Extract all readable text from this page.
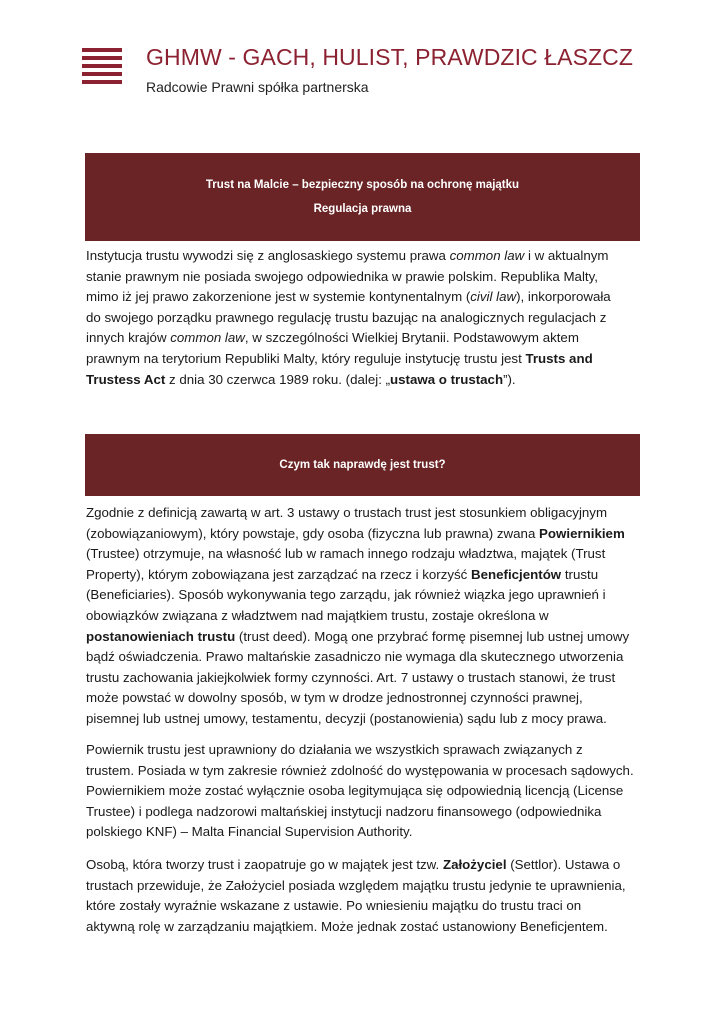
GHMW - GACH, HULIST, PRAWDZIC ŁASZCZ
Radcowie Prawni spółka partnerska
Trust na Malcie – bezpieczny sposób na ochronę majątku
Regulacja prawna
Instytucja trustu wywodzi się z anglosaskiego systemu prawa common law i w aktualnym
stanie prawnym nie posiada swojego odpowiednika w prawie polskim. Republika Malty,
mimo iż jej prawo zakorzenione jest w systemie kontynentalnym (civil law), inkorporowała
do swojego porządku prawnego regulację trustu bazując na analogicznych regulacjach z
innych krajów common law, w szczególności Wielkiej Brytanii. Podstawowym aktem
prawnym na terytorium Republiki Malty, który reguluje instytucję trustu jest Trusts and
Trustess Act z dnia 30 czerwca 1989 roku. (dalej: „ustawa o trustach”).
Czym tak naprawdę jest trust?
Zgodnie z definicją zawartą w art. 3 ustawy o trustach trust jest stosunkiem obligacyjnym
(zobowiązaniowym), który powstaje, gdy osoba (fizyczna lub prawna) zwana Powiernikiem
(Trustee) otrzymuje, na własność lub w ramach innego rodzaju władztwa, majątek (Trust
Property), którym zobowiązana jest zarządzać na rzecz i korzyść Beneficjentów trustu
(Beneficiaries). Sposób wykonywania tego zarządu, jak również wiązka jego uprawnień i
obowiązków związana z władztwem nad majątkiem trustu, zostaje określona w
postanowieniach trustu (trust deed). Mogą one przybrać formę pisemnej lub ustnej umowy
bądź oświadczenia. Prawo maltańskie zasadniczo nie wymaga dla skutecznego utworzenia
trustu zachowania jakiejkolwiek formy czynności. Art. 7 ustawy o trustach stanowi, że trust
może powstać w dowolny sposób, w tym w drodze jednostronnej czynności prawnej,
pisemnej lub ustnej umowy, testamentu, decyzji (postanowienia) sądu lub z mocy prawa.
Powiernik trustu jest uprawniony do działania we wszystkich sprawach związanych z
trustem. Posiada w tym zakresie również zdolność do występowania w procesach sądowych.
Powiernikiem może zostać wyłącznie osoba legitymująca się odpowiednią licencją (License
Trustee) i podlega nadzorowi maltańskiej instytucji nadzoru finansowego (odpowiednika
polskiego KNF) – Malta Financial Supervision Authority.
Osobą, która tworzy trust i zaopatruje go w majątek jest tzw. Założyciel (Settlor). Ustawa o
trustach przewiduje, że Założyciel posiada względem majątku trustu jedynie te uprawnienia,
które zostały wyraźnie wskazane z ustawie. Po wniesieniu majątku do trustu traci on
aktywną rolę w zarządzaniu majątkiem. Może jednak zostać ustanowiony Beneficjentem.
